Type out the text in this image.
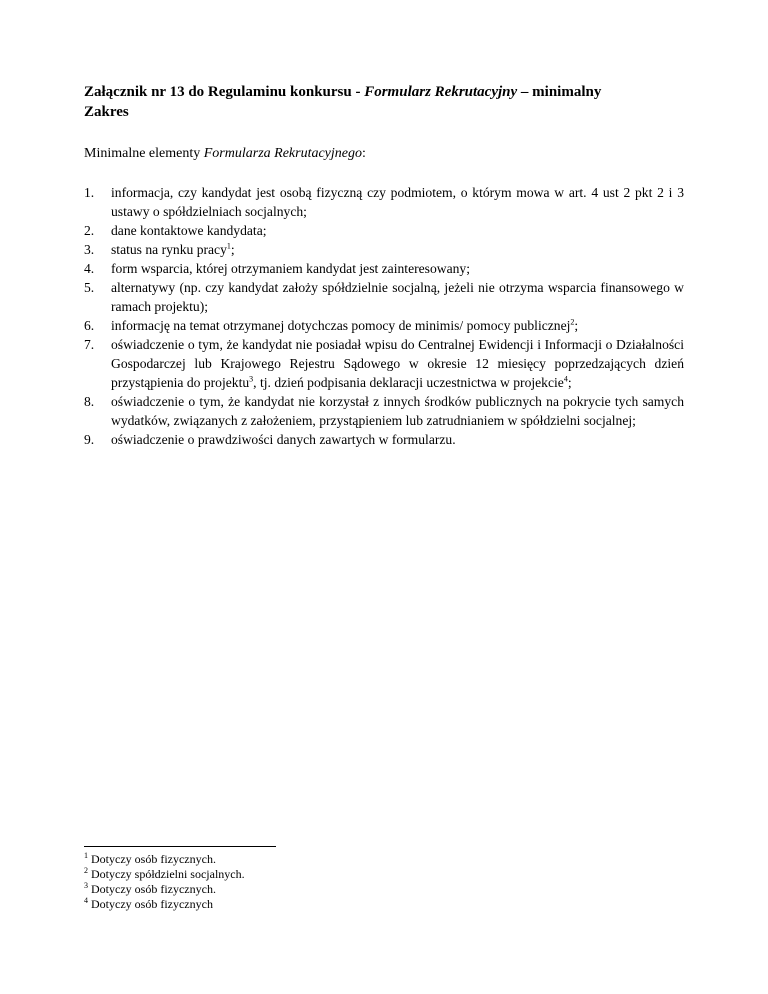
Załącznik nr 13 do Regulaminu konkursu - Formularz Rekrutacyjny – minimalny Zakres
Minimalne elementy Formularza Rekrutacyjnego:
1.	informacja, czy kandydat jest osobą fizyczną czy podmiotem, o którym mowa w art. 4 ust 2 pkt 2 i 3 ustawy o spółdzielniach socjalnych;
2.	dane kontaktowe kandydata;
3.	status na rynku pracy$^1$;
4.	form wsparcia, której otrzymaniem kandydat jest zainteresowany;
5.	alternatywy (np. czy kandydat założy spółdzielnie socjalną, jeżeli nie otrzyma wsparcia finansowego w ramach projektu);
6.	informację na temat otrzymanej dotychczas pomocy de minimis/ pomocy publicznej$^2$;
7.	oświadczenie o tym, że kandydat nie posiadał wpisu do Centralnej Ewidencji i Informacji o Działalności Gospodarczej lub Krajowego Rejestru Sądowego w okresie 12 miesięcy poprzedzających dzień przystąpienia do projektu$^3$, tj. dzień podpisania deklaracji uczestnictwa w projekcie$^4$;
8.	oświadczenie o tym, że kandydat nie korzystał z innych środków publicznych na pokrycie tych samych wydatków, związanych z założeniem, przystąpieniem lub zatrudnianiem w spółdzielni socjalnej;
9.	oświadczenie o prawdziwości danych zawartych w formularzu.
$^1$ Dotyczy osób fizycznych.
$^2$ Dotyczy spółdzielni socjalnych.
$^3$ Dotyczy osób fizycznych.
$^4$ Dotyczy osób fizycznych
